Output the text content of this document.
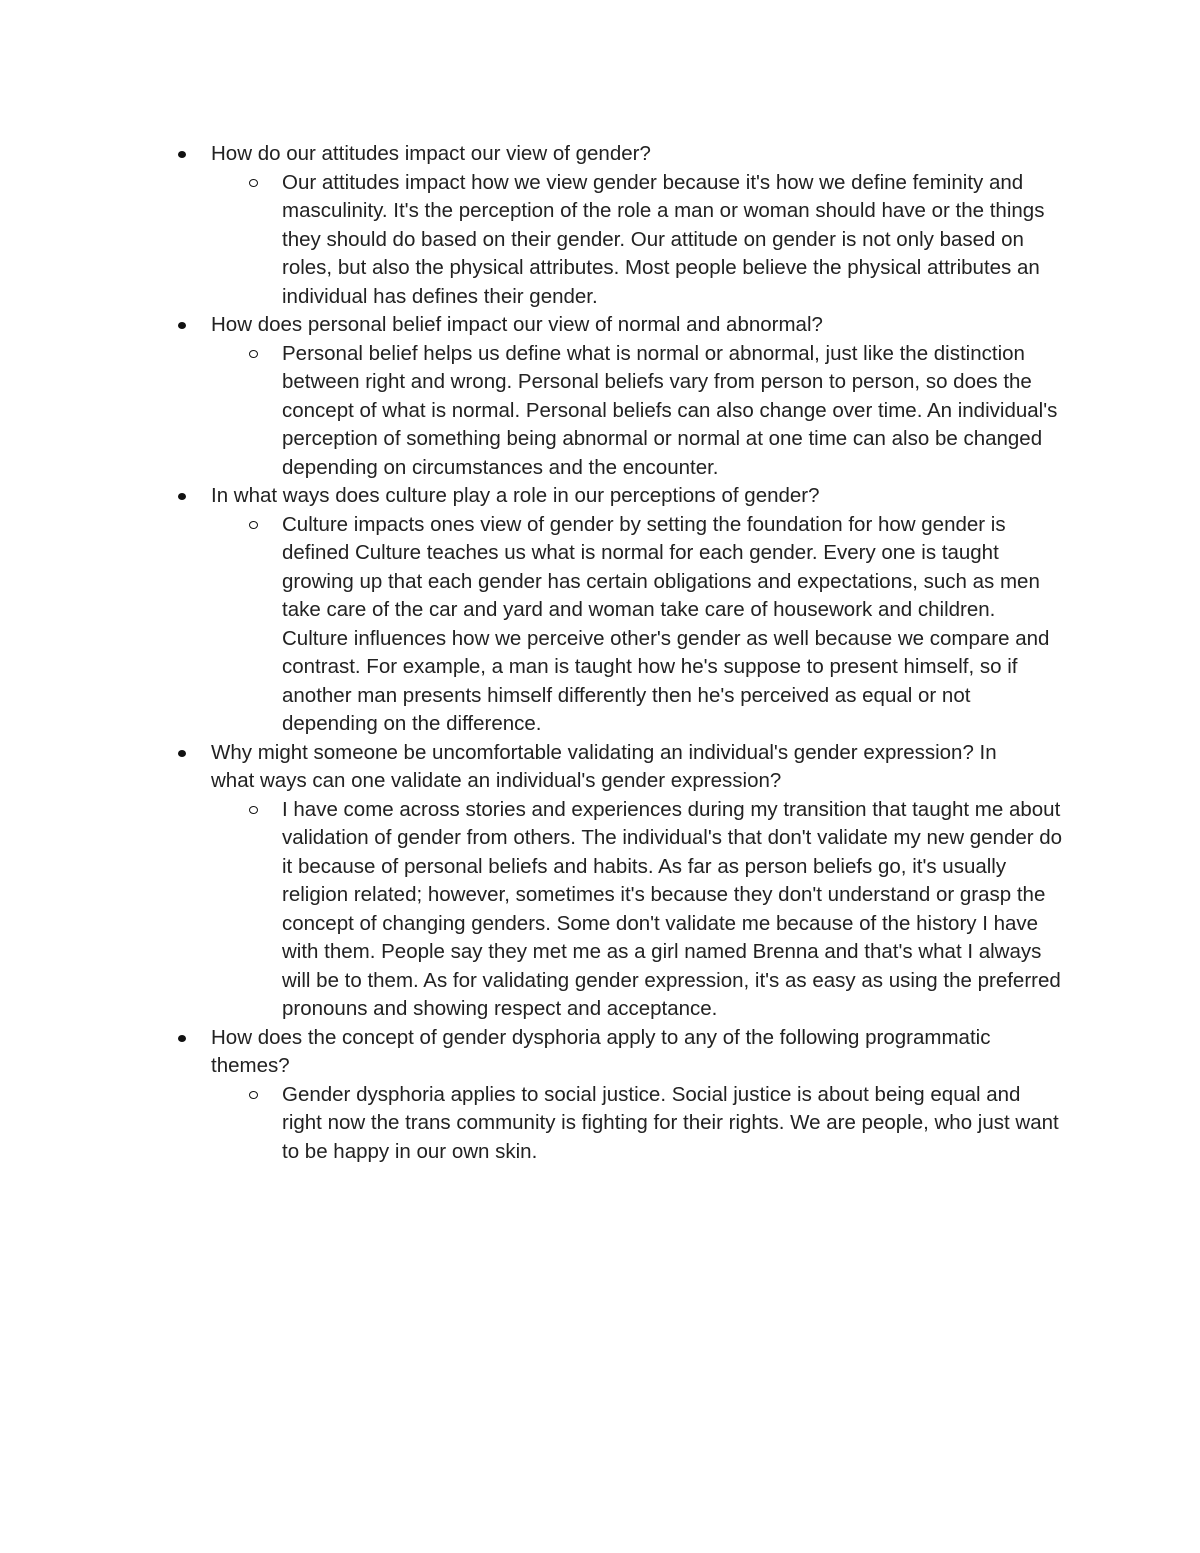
How do our attitudes impact our view of gender?
Our attitudes impact how we view gender because it's how we define feminity and masculinity. It's the perception of the role a man or woman should have or the things they should do based on their gender. Our attitude on gender is not only based on roles, but also the physical attributes. Most people believe the physical attributes an individual has defines their gender.
How does personal belief impact our view of normal and abnormal?
Personal belief helps us define what is normal or abnormal, just like the distinction between right and wrong. Personal beliefs vary from person to person, so does the concept of what is normal. Personal beliefs can also change over time. An individual's perception of something being abnormal or normal at one time can also be changed depending on circumstances and the encounter.
In what ways does culture play a role in our perceptions of gender?
Culture impacts ones view of gender by setting the foundation for how gender is defined Culture teaches us what is normal for each gender. Every one is taught growing up that each gender has certain obligations and expectations, such as men take care of the car and yard and woman take care of housework and children. Culture influences how we perceive other's gender as well because we compare and contrast. For example, a man is taught how he's suppose to present himself, so if another man presents himself differently then he's perceived as equal or not depending on the difference.
Why might someone be uncomfortable validating an individual's gender expression? In what ways can one validate an individual's gender expression?
I have come across stories and experiences during my transition that taught me about validation of gender from others. The individual's that don't validate my new gender do it because of personal beliefs and habits. As far as person beliefs go, it's usually religion related; however, sometimes it's because they don't understand or grasp the concept of changing genders. Some don't validate me because of the history I have with them. People say they met me as a girl named Brenna and that's what I always will be to them. As for validating gender expression, it's as easy as using the preferred pronouns and showing respect and acceptance.
How does the concept of gender dysphoria apply to any of the following programmatic themes?
Gender dysphoria applies to social justice. Social justice is about being equal and right now the trans community is fighting for their rights. We are people, who just want to be happy in our own skin.
